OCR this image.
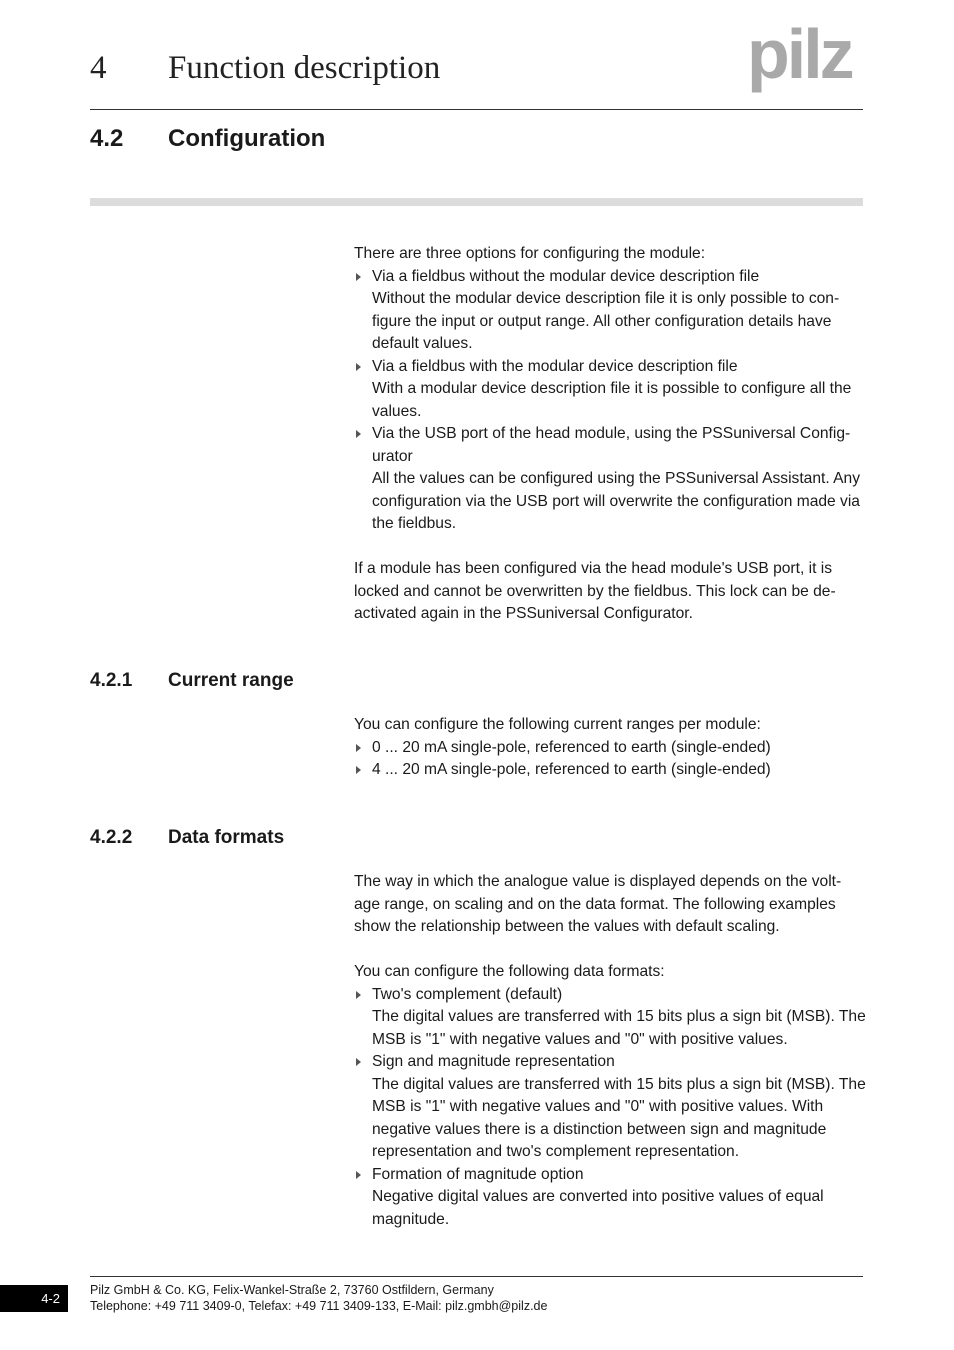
4 Function description	pilz
4.2 Configuration

There are three options for configuring the module:

Via a fieldbus without the modular device description file
Without the modular device description file it is only possible to con-figure the input or output range. All other configuration details have default values.
Via a fieldbus with the modular device description file
With a modular device description file it is possible to configure all the values.
Via the USB port of the head module, using the PSSuniversal Config-urator
All the values can be configured using the PSSuniversal Assistant. Any configuration via the USB port will overwrite the configuration made via the fieldbus.

If a module has been configured via the head module's USB port, it is locked and cannot be overwritten by the fieldbus. This lock can be de-activated again in the PSSuniversal Configurator.

4.2.1 Current range

You can configure the following current ranges per module:

0 ... 20 mA single-pole, referenced to earth (single-ended)
4 ... 20 mA single-pole, referenced to earth (single-ended)
4.2.2 Data formats

The way in which the analogue value is displayed depends on the volt-age range, on scaling and on the data format. The following examples show the relationship between the values with default scaling.

You can configure the following data formats:

Two's complement (default)
The digital values are transferred with 15 bits plus a sign bit (MSB). The MSB is "1" with negative values and "0" with positive values.
Sign and magnitude representation
The digital values are transferred with 15 bits plus a sign bit (MSB). The MSB is "1" with negative values and "0" with positive values. With negative values there is a distinction between sign and magnitude representation and two's complement representation.
Formation of magnitude option
Negative digital values are converted into positive values of equal magnitude.
4-2
Pilz GmbH & Co. KG, Felix-Wankel-Straße 2, 73760 Ostfildern, Germany
Telephone: +49 711 3409-0, Telefax: +49 711 3409-133, E-Mail: pilz.gmbh@pilz.de
